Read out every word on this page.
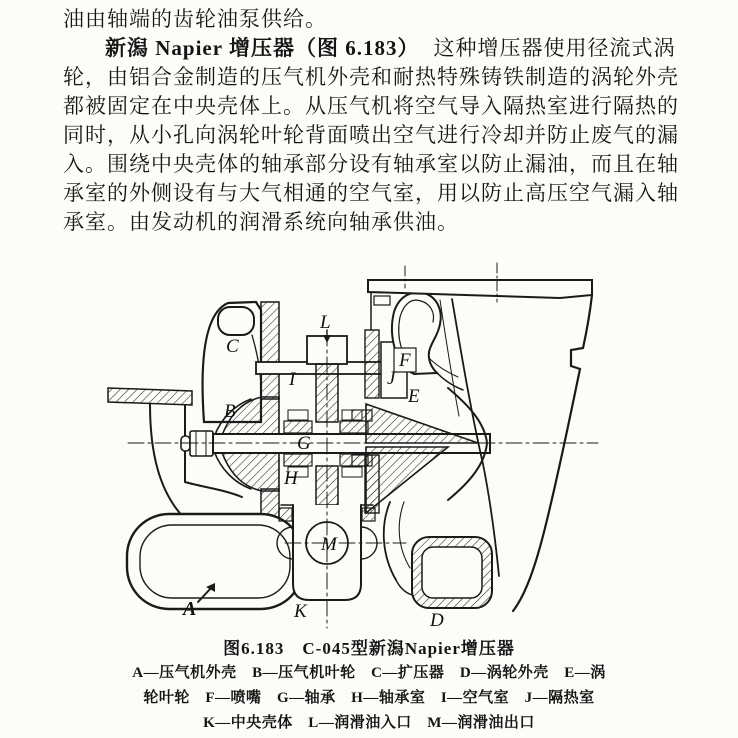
油由轴端的齿轮油泵供给。
新潟 Napier 增压器（图 6.183） 这种增压器使用径流式涡
轮，由铝合金制造的压气机外壳和耐热特殊铸铁制造的涡轮外壳
都被固定在中央壳体上。从压气机将空气导入隔热室进行隔热的
同时，从小孔向涡轮叶轮背面喷出空气进行冷却并防止废气的漏
入。围绕中央壳体的轴承部分设有轴承室以防止漏油，而且在轴
承室的外侧设有与大气相通的空气室，用以防止高压空气漏入轴
承室。由发动机的润滑系统向轴承供油。
A
B
C
D
E
F
G
H
I	J
K
L
M
图6.183　C-045型新潟Napier增压器
A—压气机外壳　B—压气机叶轮　C—扩压器　D—涡轮外壳　E—涡
轮叶轮　F—喷嘴　G—轴承　H—轴承室　I—空气室　J—隔热室
K—中央壳体　L—润滑油入口　M—润滑油出口
